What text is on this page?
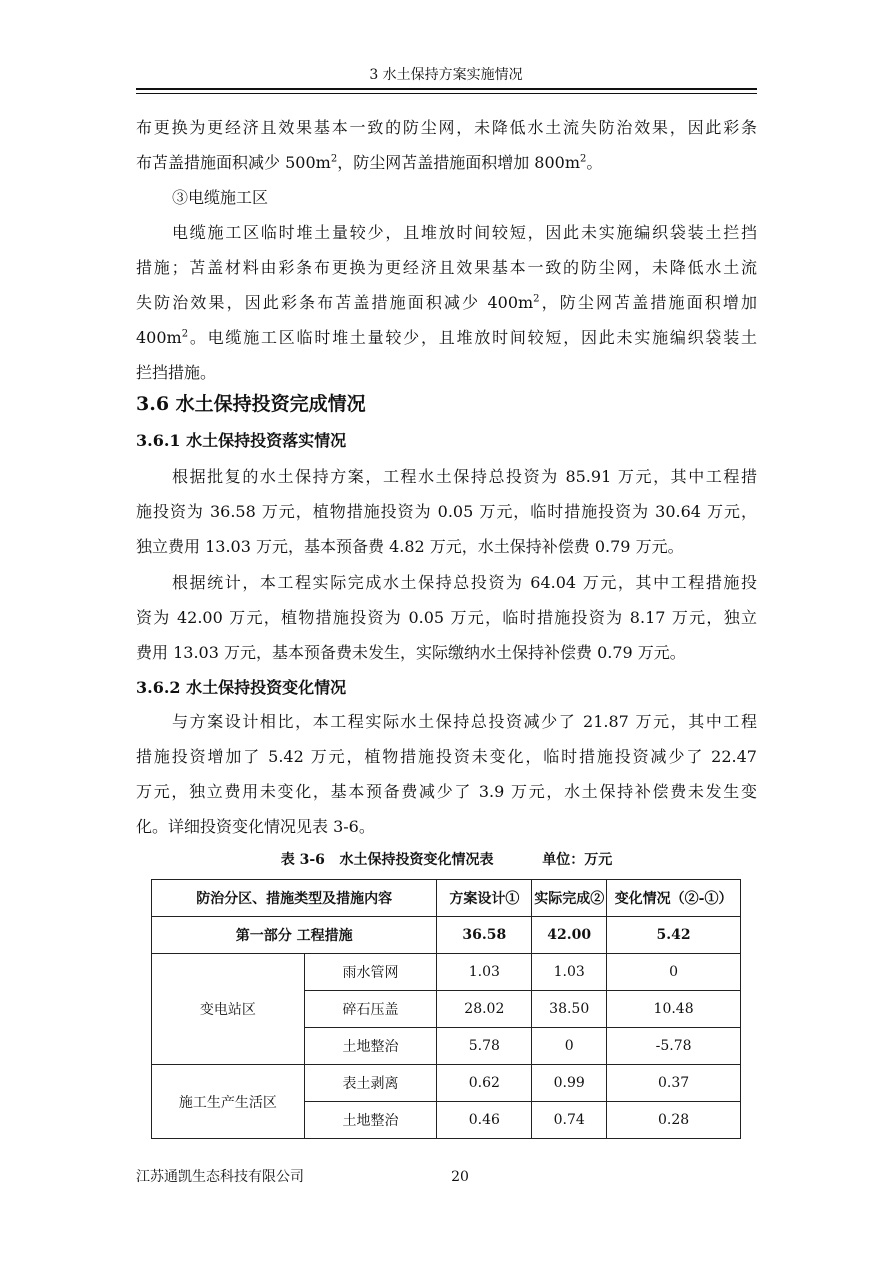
3 水土保持方案实施情况
布更换为更经济且效果基本一致的防尘网，未降低水土流失防治效果，因此彩条
布苫盖措施面积减少 $500m^2$，防尘网苫盖措施面积增加 $800m^2$。
③电缆施工区
电缆施工区临时堆土量较少，且堆放时间较短，因此未实施编织袋装土拦挡
措施；苫盖材料由彩条布更换为更经济且效果基本一致的防尘网，未降低水土流
失防治效果，因此彩条布苫盖措施面积减少 $400m^2$，防尘网苫盖措施面积增加
$400m^2$。电缆施工区临时堆土量较少，且堆放时间较短，因此未实施编织袋装土
拦挡措施。
3.6 水土保持投资完成情况
3.6.1 水土保持投资落实情况
根据批复的水土保持方案，工程水土保持总投资为 85.91 万元，其中工程措
施投资为 36.58 万元，植物措施投资为 0.05 万元，临时措施投资为 30.64 万元，
独立费用 13.03 万元，基本预备费 4.82 万元，水土保持补偿费 0.79 万元。
根据统计，本工程实际完成水土保持总投资为 64.04 万元，其中工程措施投
资为 42.00 万元，植物措施投资为 0.05 万元，临时措施投资为 8.17 万元，独立
费用 13.03 万元，基本预备费未发生，实际缴纳水土保持补偿费 0.79 万元。
3.6.2 水土保持投资变化情况
与方案设计相比，本工程实际水土保持总投资减少了 21.87 万元，其中工程
措施投资增加了 5.42 万元，植物措施投资未变化，临时措施投资减少了 22.47
万元，独立费用未变化，基本预备费减少了 3.9 万元，水土保持补偿费未发生变
化。详细投资变化情况见表 3-6。
表 3-6   水土保持投资变化情况表          单位：万元
防治分区、措施类型及措施内容		方案设计①	实际完成②	变化情况（②-①）
第一部分 工程措施		36.58	42.00	5.42
变电站区	雨水管网	1.03	1.03	0
	碎石压盖	28.02	38.50	10.48
	土地整治	5.78	0	-5.78
施工生产生活区	表土剥离	0.62	0.99	0.37
	土地整治	0.46	0.74	0.28
江苏通凯生态科技有限公司	20
